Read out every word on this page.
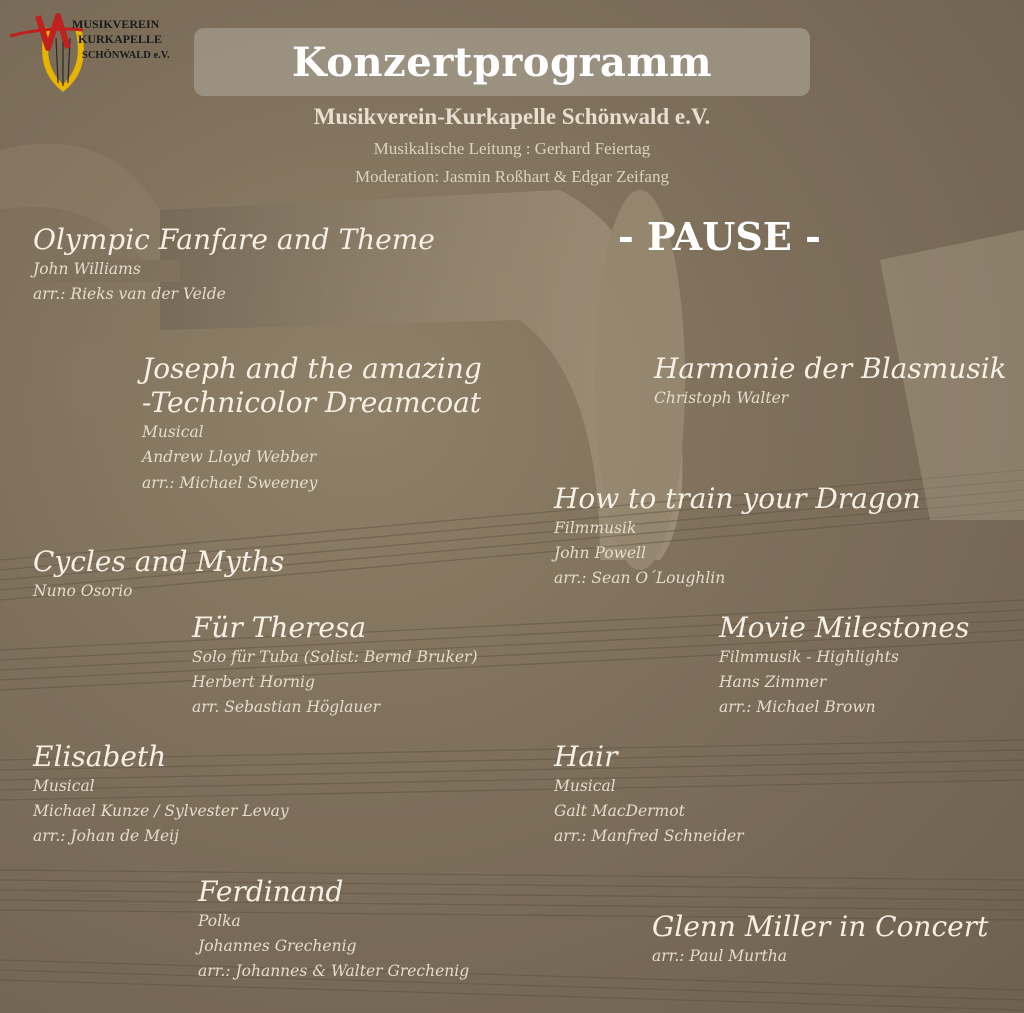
MUSIKVEREIN
KURKAPELLE
SCHÖNWALD e.V.	Konzertprogramm
Musikverein-Kurkapelle Schönwald e.V.
Musikalische Leitung : Gerhard Feiertag
Moderation: Jasmin Roßhart & Edgar Zeifang
- PAUSE -
Olympic Fanfare and Theme
John Williams
arr.: Rieks van der Velde
Joseph and the amazing
-Technicolor Dreamcoat
Musical
Andrew Lloyd Webber
arr.: Michael Sweeney
Cycles and Myths
Nuno Osorio
Für Theresa
Solo für Tuba (Solist: Bernd Bruker)
Herbert Hornig
arr. Sebastian Höglauer
Elisabeth
Musical
Michael Kunze / Sylvester Levay
arr.: Johan de Meij
Ferdinand
Polka
Johannes Grechenig
arr.: Johannes & Walter Grechenig
Harmonie der Blasmusik
Christoph Walter
How to train your Dragon
Filmmusik
John Powell
arr.: Sean O´Loughlin
Movie Milestones
Filmmusik - Highlights
Hans Zimmer
arr.: Michael Brown
Hair
Musical
Galt MacDermot
arr.: Manfred Schneider
Glenn Miller in Concert
arr.: Paul Murtha
